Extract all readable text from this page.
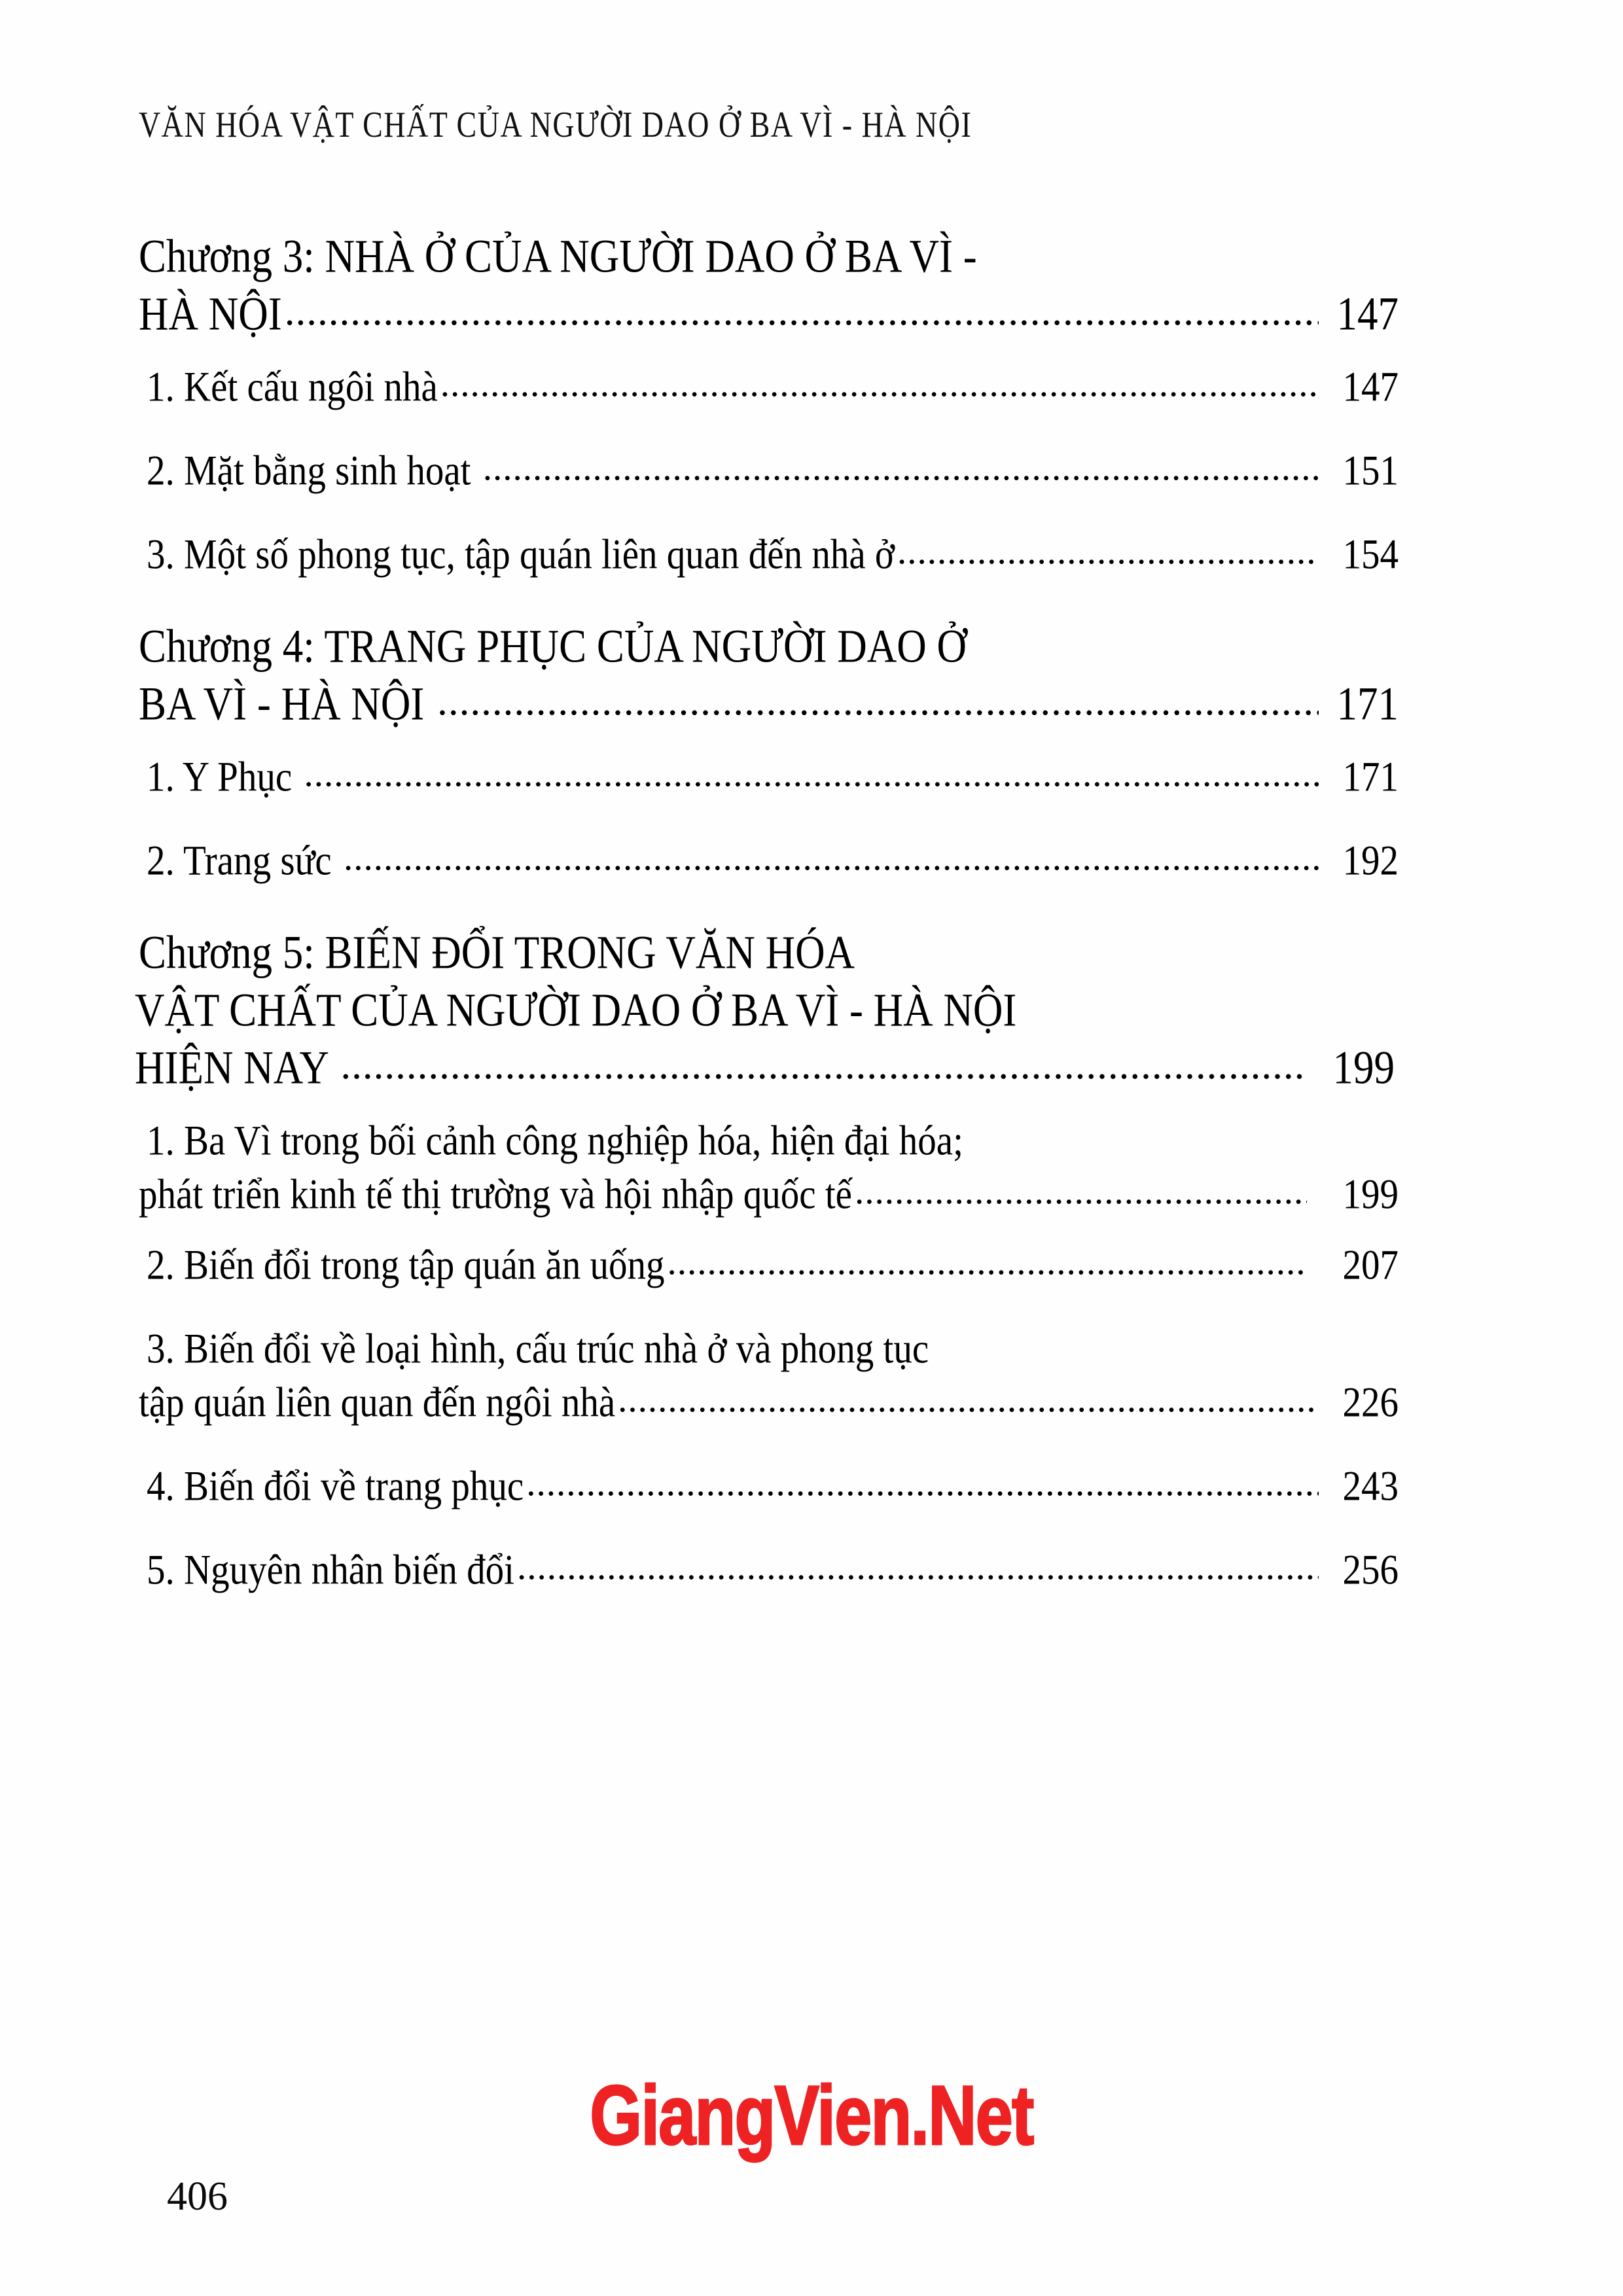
VĂN HÓA VẬT CHẤT CỦA NGƯỜI DAO Ở BA VÌ - HÀ NỘI
Chương 3: NHÀ Ở CỦA NGƯỜI DAO Ở BA VÌ -
HÀ NỘI .....	147
1. Kết cấu ngôi nhà .....	147
2. Mặt bằng sinh hoạt .....	151
3. Một số phong tục, tập quán liên quan đến nhà ở .....	154
Chương 4: TRANG PHỤC CỦA NGƯỜI DAO Ở
BA VÌ - HÀ NỘI .....	171
1. Y Phục .....	171
2. Trang sức .....	192
Chương 5: BIẾN ĐỔI TRONG VĂN HÓA
VẬT CHẤT CỦA NGƯỜI DAO Ở BA VÌ - HÀ NỘI
HIỆN NAY .....	199
1. Ba Vì trong bối cảnh công nghiệp hóa, hiện đại hóa;
phát triển kinh tế thị trường và hội nhập quốc tế .....	199
2. Biến đổi trong tập quán ăn uống .....	207
3. Biến đổi về loại hình, cấu trúc nhà ở và phong tục
tập quán liên quan đến ngôi nhà .....	226
4. Biến đổi về trang phục .....	243
5. Nguyên nhân biến đổi .....	256
GiangVien.Net
406
